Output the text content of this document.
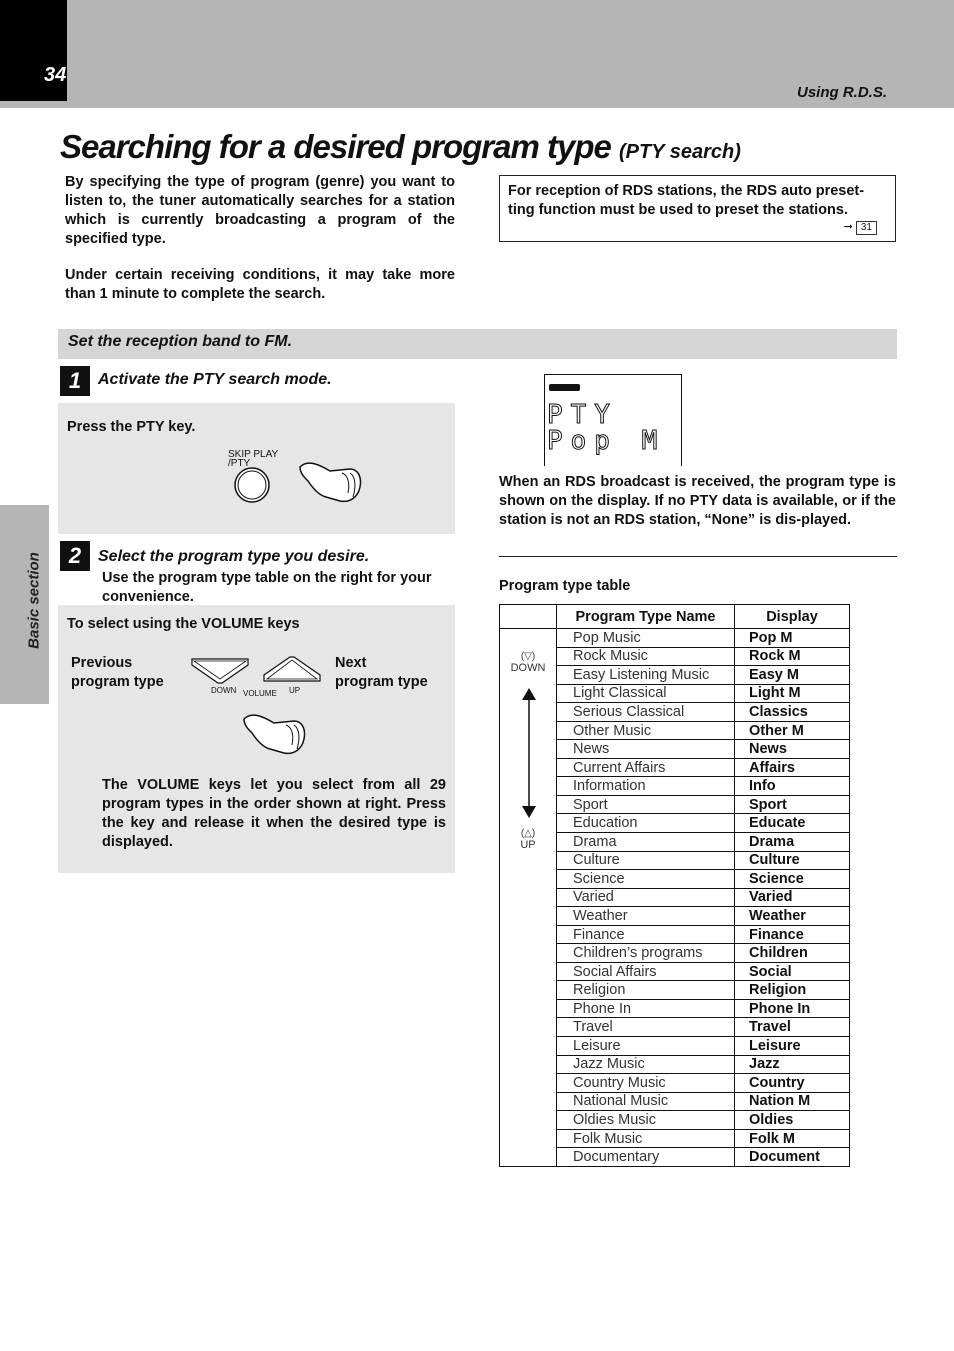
34
Using R.D.S.
Basic section
Searching for a desired program type (PTY search)
By specifying the type of program (genre) you want to listen to, the tuner automatically searches for a station which is currently broadcasting a program of the specified type.
Under certain receiving conditions, it may take more than 1 minute to complete the search.
For reception of RDS stations, the RDS auto preset-ting function must be used to preset the stations.
➞ 31
Set the reception band to FM.
1	Activate the PTY search mode.
Press the PTY key.
SKIP PLAY
/PTY
2	Select the program type you desire.
Use the program type table on the right for your convenience.
To select using the VOLUME keys
Previous
program type
Next
program type
DOWN VOLUME UP
The VOLUME keys let you select from all 29 program types in the order shown at right. Press the key and release it when the desired type is displayed.
PTY
Pop M
When an RDS broadcast is received, the program type is shown on the display. If no PTY data is available, or if the station is not an RDS station, “None” is dis-played.
Program type table
	Program Type Name	Display
	Pop Music	Pop M
	Rock Music	Rock M
	Easy Listening Music	Easy M
	Light Classical	Light M
	Serious Classical	Classics
	Other Music	Other M
	News	News
	Current Affairs	Affairs
	Information	Info
	Sport	Sport
	Education	Educate
	Drama	Drama
	Culture	Culture
	Science	Science
	Varied	Varied
	Weather	Weather
	Finance	Finance
	Children’s programs	Children
	Social Affairs	Social
	Religion	Religion
	Phone In	Phone In
	Travel	Travel
	Leisure	Leisure
	Jazz Music	Jazz
	Country Music	Country
	National Music	Nation M
	Oldies Music	Oldies
	Folk Music	Folk M
	Documentary	Document
(▽)
DOWN
(△)
UP
